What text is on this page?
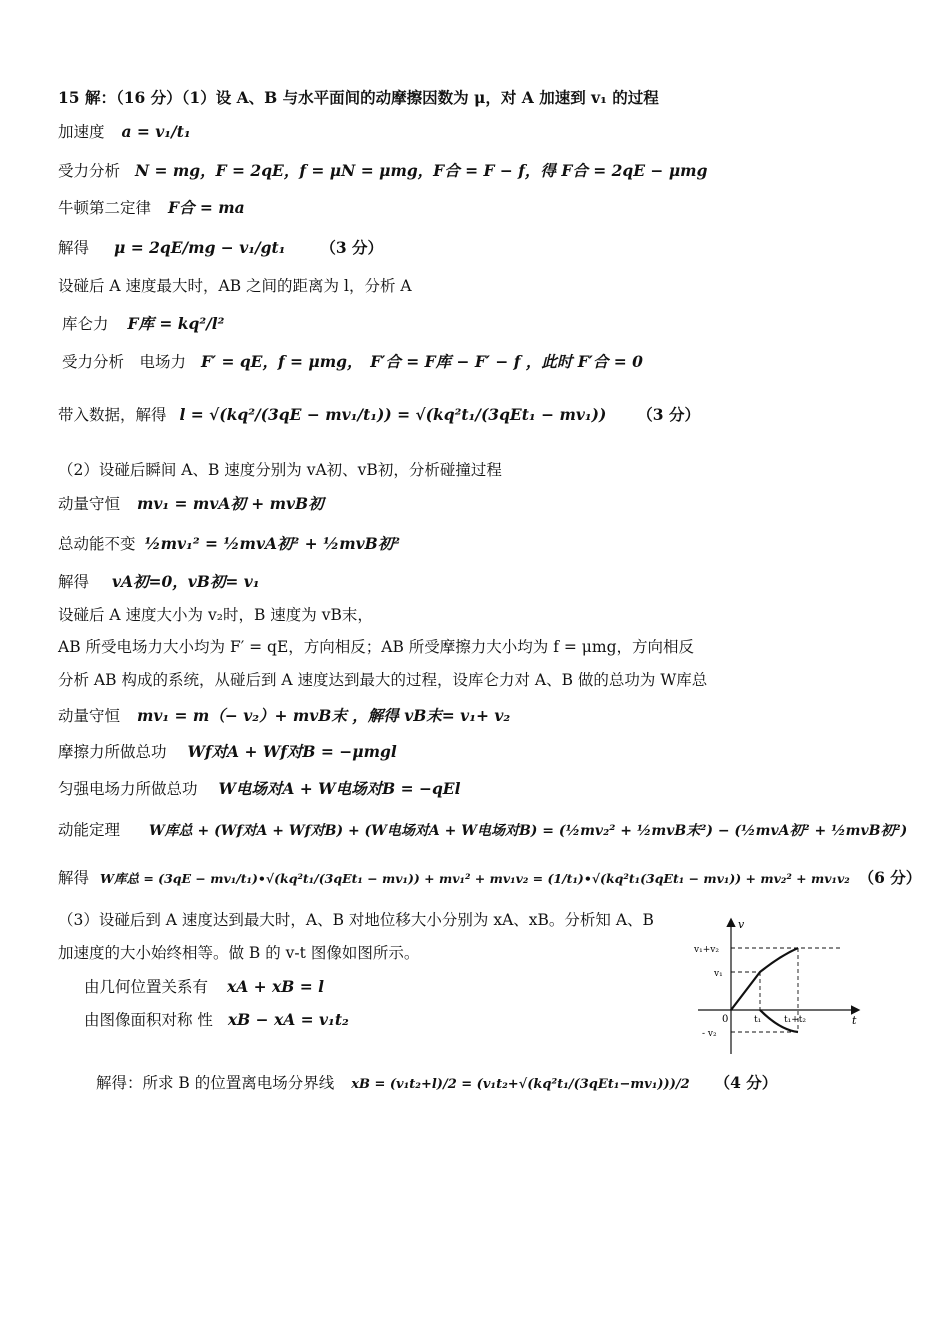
15 解：（16 分）（1）设 A、B 与水平面间的动摩擦因数为 μ，对 A 加速到 v₁ 的过程
加速度 a = v₁/t₁
受力分析 N = mg，F = 2qE，f = μN = μmg，F合 = F − f，得 F合 = 2qE − μmg
牛顿第二定律 F合 = ma
解得 μ = 2qE/mg − v₁/gt₁ （3 分）
设碰后 A 速度最大时，AB 之间的距离为 l，分析 A
库仑力 F库 = kq²/l²
受力分析　电场力 F′ = qE，f = μmg，　F′合 = F库 − F′ − f ，此时 F′合 = 0
带入数据，解得 l = √(kq²/(3qE − mv₁/t₁)) = √(kq²t₁/(3qEt₁ − mv₁)) （3 分）
（2）设碰后瞬间 A、B 速度分别为 vA初、vB初，分析碰撞过程
动量守恒 mv₁ = mvA初 + mvB初
总动能不变 ½mv₁² = ½mvA初² + ½mvB初²
解得 vA初=0，vB初= v₁
设碰后 A 速度大小为 v₂时，B 速度为 vB末，
AB 所受电场力大小均为 F′ = qE，方向相反；AB 所受摩擦力大小均为 f = μmg，方向相反
分析 AB 构成的系统，从碰后到 A 速度达到最大的过程，设库仑力对 A、B 做的总功为 W库总
动量守恒 mv₁ = m（− v₂）+ mvB末 ，解得 vB末= v₁+ v₂
摩擦力所做总功 Wf对A + Wf对B = −μmgl
匀强电场力所做总功 W电场对A + W电场对B = −qEl
动能定理 W库总 + (Wf对A + Wf对B) + (W电场对A + W电场对B) = (½mv₂² + ½mvB末²) − (½mvA初² + ½mvB初²)
解得 W库总 = (3qE − mv₁/t₁)•√(kq²t₁/(3qEt₁ − mv₁)) + mv₁² + mv₁v₂ = (1/t₁)•√(kq²t₁(3qEt₁ − mv₁)) + mv₂² + mv₁v₂ （6 分）
（3）设碰后到 A 速度达到最大时，A、B 对地位移大小分别为 xA、xB。分析知 A、B
加速度的大小始终相等。做 B 的 v-t 图像如图所示。
由几何位置关系有 xA + xB = l
由图像面积对称 性 xB − xA = v₁t₂
解得：所求 B 的位置离电场分界线 xB = (v₁t₂+l)/2 = (v₁t₂+√(kq²t₁/(3qEt₁−mv₁)))/2 （4 分）
v
t
0
v₁+v₂
v₁
- v₂
t₁	t₁+t₂
